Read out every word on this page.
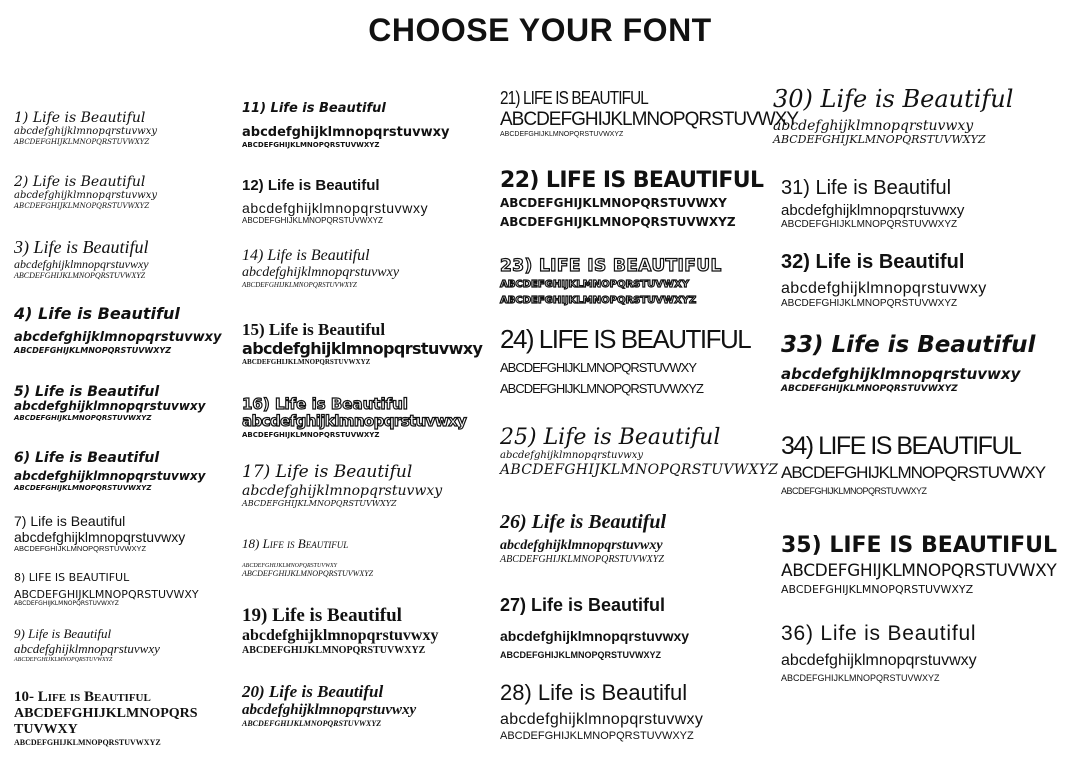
CHOOSE YOUR FONT
1) Life is Beautiful
abcdefghijklmnopqrstuvwxy
ABCDEFGHIJKLMNOPQRSTUVWXYZ
2) Life is Beautiful
abcdefghijklmnopqrstuvwxy
ABCDEFGHIJKLMNOPQRSTUVWXYZ
3) Life is Beautiful
abcdefghijklmnopqrstuvwxy
ABCDEFGHIJKLMNOPQRSTUVWXYZ
4) Life is Beautiful
abcdefghijklmnopqrstuvwxy
ABCDEFGHIJKLMNOPQRSTUVWXYZ
5) Life is Beautiful
abcdefghijklmnopqrstuvwxy
ABCDEFGHIJKLMNOPQRSTUVWXYZ
6) Life is Beautiful
abcdefghijklmnopqrstuvwxy
ABCDEFGHIJKLMNOPQRSTUVWXYZ
7) Life is Beautiful
abcdefghijklmnopqrstuvwxy
ABCDEFGHIJKLMNOPQRSTUVWXYZ
8) LIFE IS BEAUTIFUL
ABCDEFGHIJKLMNOPQRSTUVWXY
ABCDEFGHIJKLMNOPQRSTUVWXYZ
9) Life is Beautiful
abcdefghijklmnopqrstuvwxy
ABCDEFGHIJKLMNOPQRSTUVWXYZ
10- Life is Beautiful
ABCDEFGHIJKLMNOPQRS
TUVWXY
ABCDEFGHIJKLMNOPQRSTUVWXYZ
11) Life is Beautiful
abcdefghijklmnopqrstuvwxy
ABCDEFGHIJKLMNOPQRSTUVWXYZ
12) Life is Beautiful
abcdefghijklmnopqrstuvwxy
ABCDEFGHIJKLMNOPQRSTUVWXYZ
14) Life is Beautiful
abcdefghijklmnopqrstuvwxy
ABCDEFGHIJKLMNOPQRSTUVWXYZ
15) Life is Beautiful
abcdefghijklmnopqrstuvwxy
ABCDEFGHIJKLMNOPQRSTUVWXYZ
16) Life is Beautiful
abcdefghijklmnopqrstuvwxy
ABCDEFGHIJKLMNOPQRSTUVWXYZ
17) Life is Beautiful
abcdefghijklmnopqrstuvwxy
ABCDEFGHIJKLMNOPQRSTUVWXYZ
18) Life is Beautiful
abcdefghijklmnopqrstuvwxy
ABCDEFGHIJKLMNOPQRSTUVWXYZ
19) Life is Beautiful
abcdefghijklmnopqrstuvwxy
ABCDEFGHIJKLMNOPQRSTUVWXYZ
20) Life is Beautiful
abcdefghijklmnopqrstuvwxy
ABCDEFGHIJKLMNOPQRSTUVWXYZ
21) LIFE IS BEAUTIFUL
ABCDEFGHIJKLMNOPQRSTUVWXY
ABCDEFGHIJKLMNOPQRSTUVWXYZ
22) LIFE IS BEAUTIFUL
ABCDEFGHIJKLMNOPQRSTUVWXY
ABCDEFGHIJKLMNOPQRSTUVWXYZ
23) LIFE IS BEAUTIFUL
ABCDEFGHIJKLMNOPQRSTUVWXY
ABCDEFGHIJKLMNOPQRSTUVWXYZ
24) LIFE IS BEAUTIFUL
ABCDEFGHIJKLMNOPQRSTUVWXY
ABCDEFGHIJKLMNOPQRSTUVWXYZ
25) Life is Beautiful
abcdefghijklmnopqrstuvwxy
ABCDEFGHIJKLMNOPQRSTUVWXYZ
26) Life is Beautiful
abcdefghijklmnopqrstuvwxy
ABCDEFGHIJKLMNOPQRSTUVWXYZ
27) Life is Beautiful
abcdefghijklmnopqrstuvwxy
ABCDEFGHIJKLMNOPQRSTUVWXYZ
28) Life is Beautiful
abcdefghijklmnopqrstuvwxy
ABCDEFGHIJKLMNOPQRSTUVWXYZ
30) Life is Beautiful
abcdefghijklmnopqrstuvwxy
ABCDEFGHIJKLMNOPQRSTUVWXYZ
31) Life is Beautiful
abcdefghijklmnopqrstuvwxy
ABCDEFGHIJKLMNOPQRSTUVWXYZ
32) Life is Beautiful
abcdefghijklmnopqrstuvwxy
ABCDEFGHIJKLMNOPQRSTUVWXYZ
33) Life is Beautiful
abcdefghijklmnopqrstuvwxy
ABCDEFGHIJKLMNOPQRSTUVWXYZ
34) LIFE IS BEAUTIFUL
ABCDEFGHIJKLMNOPQRSTUVWXY
ABCDEFGHIJKLMNOPQRSTUVWXYZ
35) LIFE IS BEAUTIFUL
ABCDEFGHIJKLMNOPQRSTUVWXY
ABCDEFGHIJKLMNOPQRSTUVWXYZ
36) Life is Beautiful
abcdefghijklmnopqrstuvwxy
ABCDEFGHIJKLMNOPQRSTUVWXYZ
